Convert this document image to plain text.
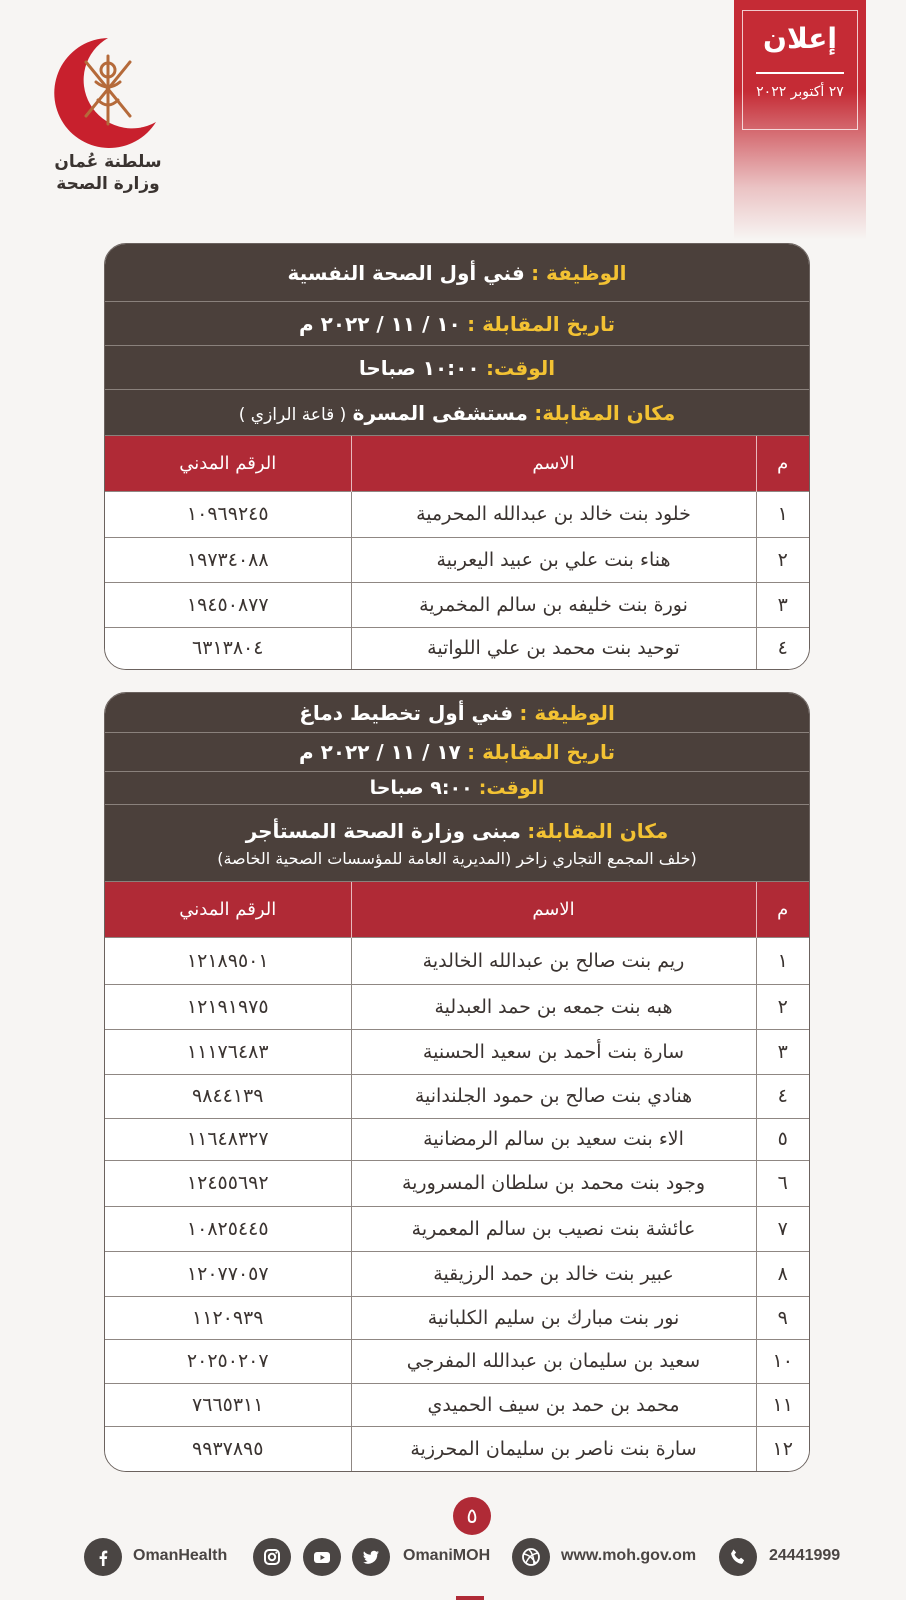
سلطنة عُمان
وزارة الصحة
إعلان
٢٧ أكتوبر ٢٠٢٢
الوظيفة : فني أول الصحة النفسية
تاريخ المقابلة : ١٠ / ١١ / ٢٠٢٢ م
الوقت: ١٠:٠٠ صباحا
مكان المقابلة: مستشفى المسرة ( قاعة الرازي )
م	الاسم	الرقم المدني
١	خلود بنت خالد بن عبدالله المحرمية	١٠٩٦٩٢٤٥
٢	هناء بنت علي بن عبيد اليعربية	١٩٧٣٤٠٨٨
٣	نورة بنت خليفه بن سالم المخمرية	١٩٤٥٠٨٧٧
٤	توحيد بنت محمد بن علي اللواتية	٦٣١٣٨٠٤
الوظيفة : فني أول تخطيط دماغ
تاريخ المقابلة : ١٧ / ١١ / ٢٠٢٢ م
الوقت: ٩:٠٠ صباحا
مكان المقابلة: مبنى وزارة الصحة المستأجر
(خلف المجمع التجاري زاخر (المديرية العامة للمؤسسات الصحية الخاصة)
م	الاسم	الرقم المدني
١	ريم بنت صالح بن عبدالله الخالدية	١٢١٨٩٥٠١
٢	هبه بنت جمعه بن حمد العبدلية	١٢١٩١٩٧٥
٣	سارة بنت أحمد بن سعيد الحسنية	١١١٧٦٤٨٣
٤	هنادي بنت صالح بن حمود الجلندانية	٩٨٤٤١٣٩
٥	الاء بنت سعيد بن سالم الرمضانية	١١٦٤٨٣٢٧
٦	وجود بنت محمد بن سلطان المسرورية	١٢٤٥٥٦٩٢
٧	عائشة بنت نصيب بن سالم المعمرية	١٠٨٢٥٤٤٥
٨	عبير بنت خالد بن حمد الرزيقية	١٢٠٧٧٠٥٧
٩	نور بنت مبارك بن سليم الكلبانية	١١٢٠٩٣٩
١٠	سعيد بن سليمان بن عبدالله المفرجي	٢٠٢٥٠٢٠٧
١١	محمد بن حمد بن سيف الحميدي	٧٦٦٥٣١١
١٢	سارة بنت ناصر بن سليمان المحرزية	٩٩٣٧٨٩٥
٥
OmanHealth	OmaniMOH	www.moh.gov.om	24441999
